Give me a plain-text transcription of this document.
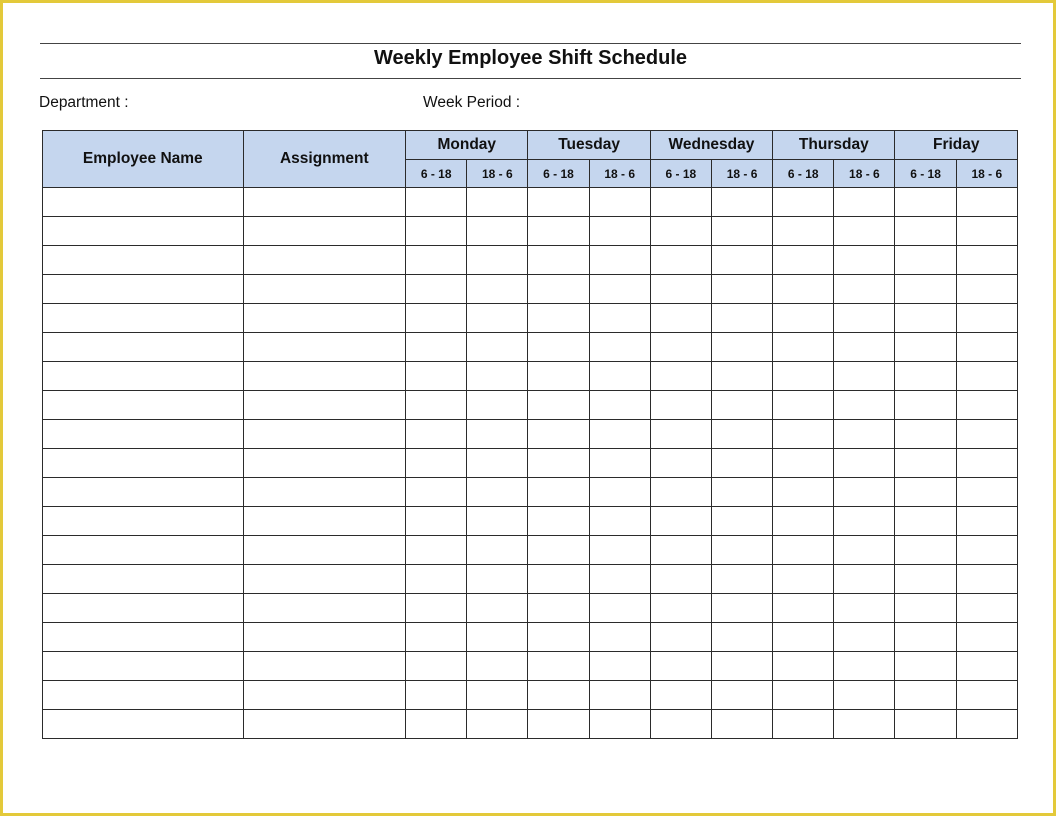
Weekly Employee Shift Schedule
Department :	Week Period :
Employee Name	Assignment	Monday		Tuesday		Wednesday		Thursday		Friday	
		6 - 18	18 - 6	6 - 18	18 - 6	6 - 18	18 - 6	6 - 18	18 - 6	6 - 18	18 - 6
